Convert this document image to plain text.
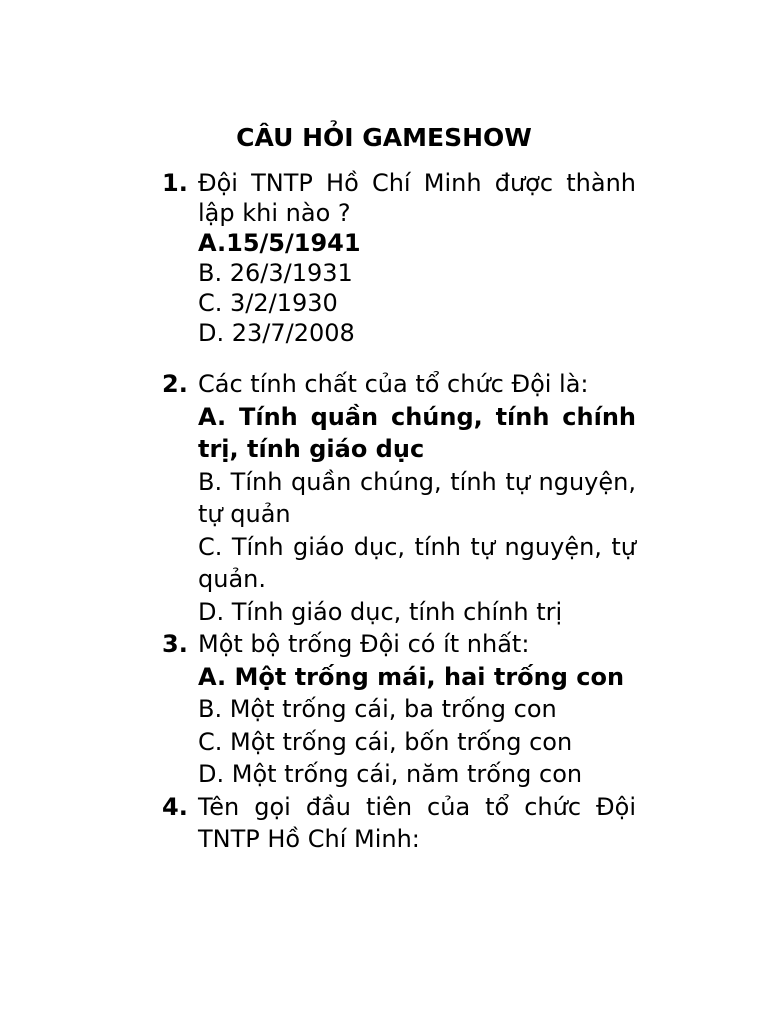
CÂU HỎI GAMESHOW
1. Đội TNTP Hồ Chí Minh được thành lập khi nào ?
A.15/5/1941
B. 26/3/1931
C. 3/2/1930
D. 23/7/2008
2. Các tính chất của tổ chức Đội là:
A. Tính quần chúng, tính chính trị, tính giáo dục
B. Tính quần chúng, tính tự nguyện, tự quản
C. Tính giáo dục, tính tự nguyện, tự quản.
D. Tính giáo dục, tính chính trị
3. Một bộ trống Đội có ít nhất:
A. Một trống mái, hai trống con
B. Một trống cái, ba trống con
C. Một trống cái, bốn trống con
D. Một trống cái, năm trống con
4. Tên gọi đầu tiên của tổ chức Đội TNTP Hồ Chí Minh:
